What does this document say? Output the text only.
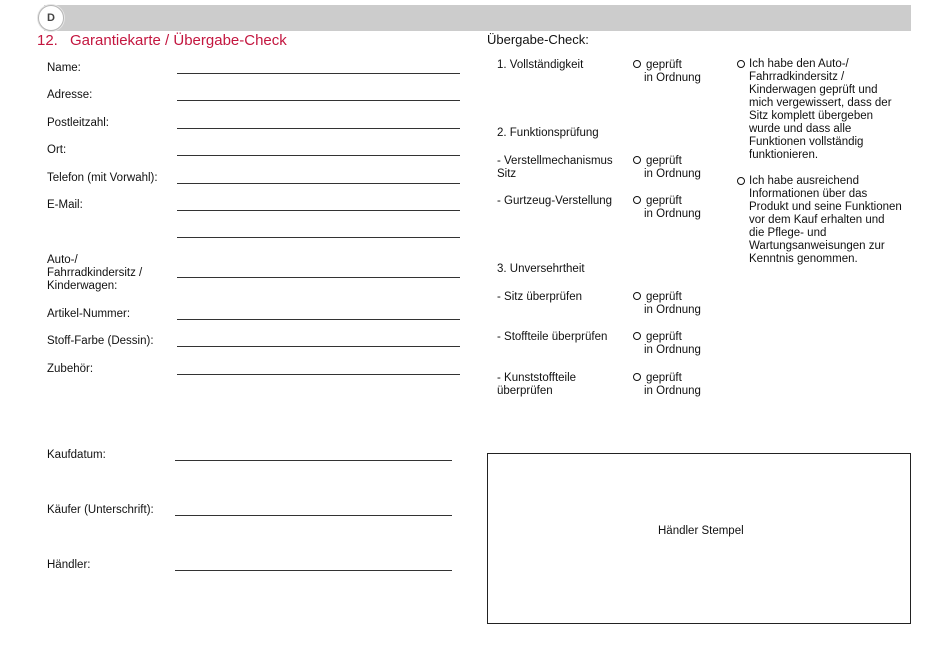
D
12. Garantiekarte / Übergabe-Check
Name:
Adresse:
Postleitzahl:
Ort:
Telefon (mit Vorwahl):
E-Mail:
Auto-/
Fahrradkindersitz /
Kinderwagen:
Artikel-Nummer:
Stoff-Farbe (Dessin):
Zubehör:
Kaufdatum:
Käufer (Unterschrift):
Händler:
Übergabe-Check:
1. Vollständigkeit	geprüft
in Ordnung
2. Funktionsprüfung
- Verstellmechanismus
Sitz
geprüft
in Ordnung
- Gurtzeug-Verstellung	geprüft
in Ordnung
3. Unversehrtheit
- Sitz überprüfen	geprüft
in Ordnung
- Stoffteile überprüfen	geprüft
in Ordnung
- Kunststoffteile
überprüfen
geprüft
in Ordnung
Ich habe den Auto-/ Fahrradkindersitz / Kinderwagen geprüft und mich vergewissert, dass der Sitz komplett übergeben wurde und dass alle Funktionen vollständig funktionieren.
Ich habe ausreichend Informationen über das Produkt und seine Funktionen vor dem Kauf erhalten und die Pflege- und Wartungsanweisungen zur Kenntnis genommen.
Händler Stempel
